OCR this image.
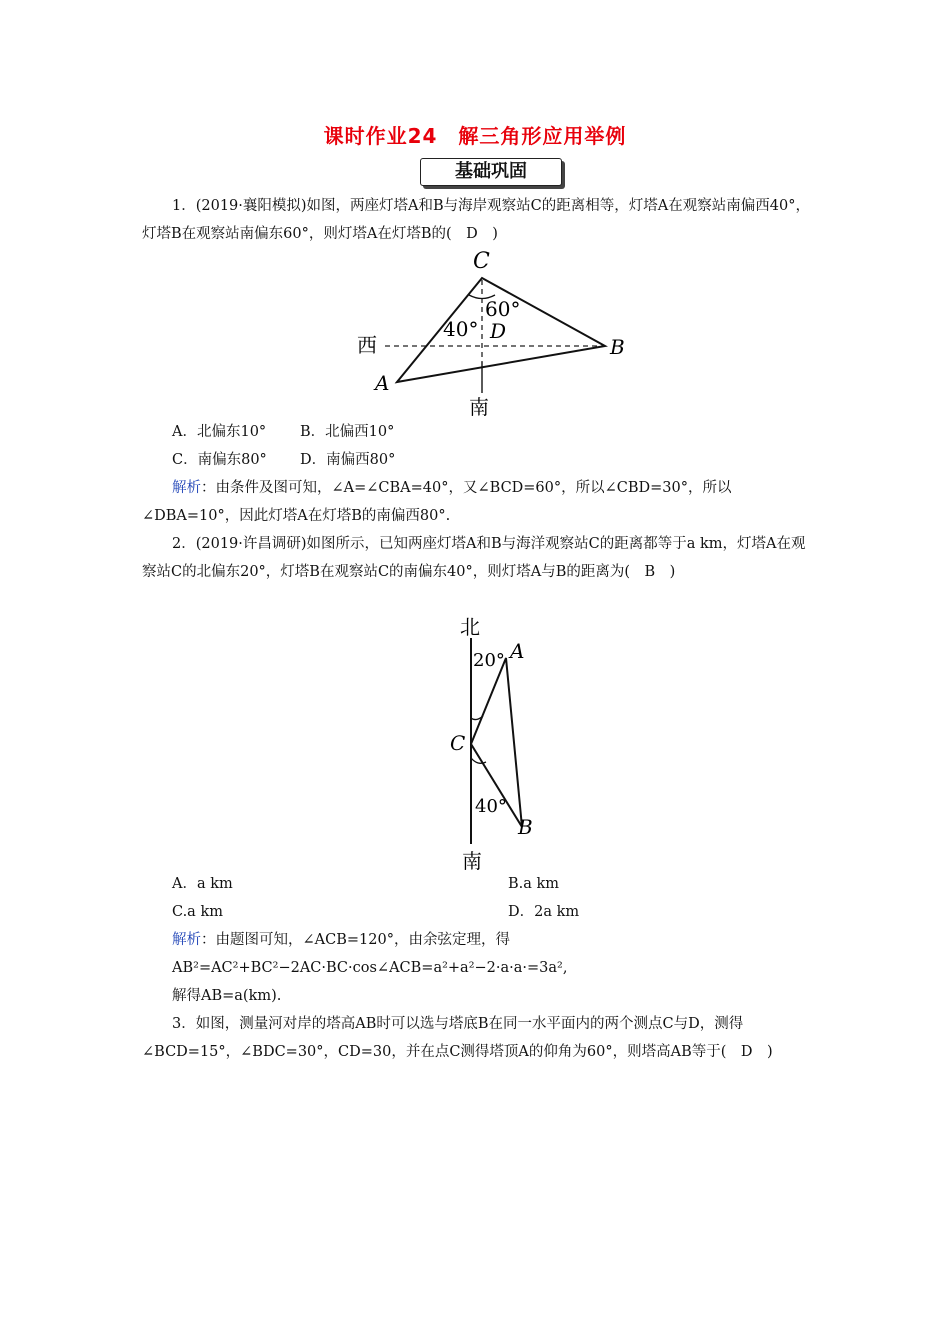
课时作业24　解三角形应用举例
基础巩固

1．(2019·襄阳模拟)如图，两座灯塔A和B与海岸观察站C的距离相等，灯塔A在观察站南偏西40°，灯塔B在观察站南偏东60°，则灯塔A在灯塔B的(　D　)

C
60°
40° D
西	B
A
南
A．北偏东10° B．北偏西10°
C．南偏东80° D．南偏西80°

解析：由条件及图可知，∠A=∠CBA=40°，又∠BCD=60°，所以∠CBD=30°，所以∠DBA=10°，因此灯塔A在灯塔B的南偏西80°.

2．(2019·许昌调研)如图所示，已知两座灯塔A和B与海洋观察站C的距离都等于a km，灯塔A在观察站C的北偏东20°，灯塔B在观察站C的南偏东40°，则灯塔A与B的距离为(　B　)

北
20° A
C
40°
B
南
A．a km	B.a km
C.a km	D．2a km

解析：由题图可知，∠ACB=120°，由余弦定理，得

AB²=AC²+BC²−2AC·BC·cos∠ACB=a²+a²−2·a·a·=3a²,

解得AB=a(km).

3．如图，测量河对岸的塔高AB时可以选与塔底B在同一水平面内的两个测点C与D，测得∠BCD=15°，∠BDC=30°，CD=30，并在点C测得塔顶A的仰角为60°，则塔高AB等于(　D　)
